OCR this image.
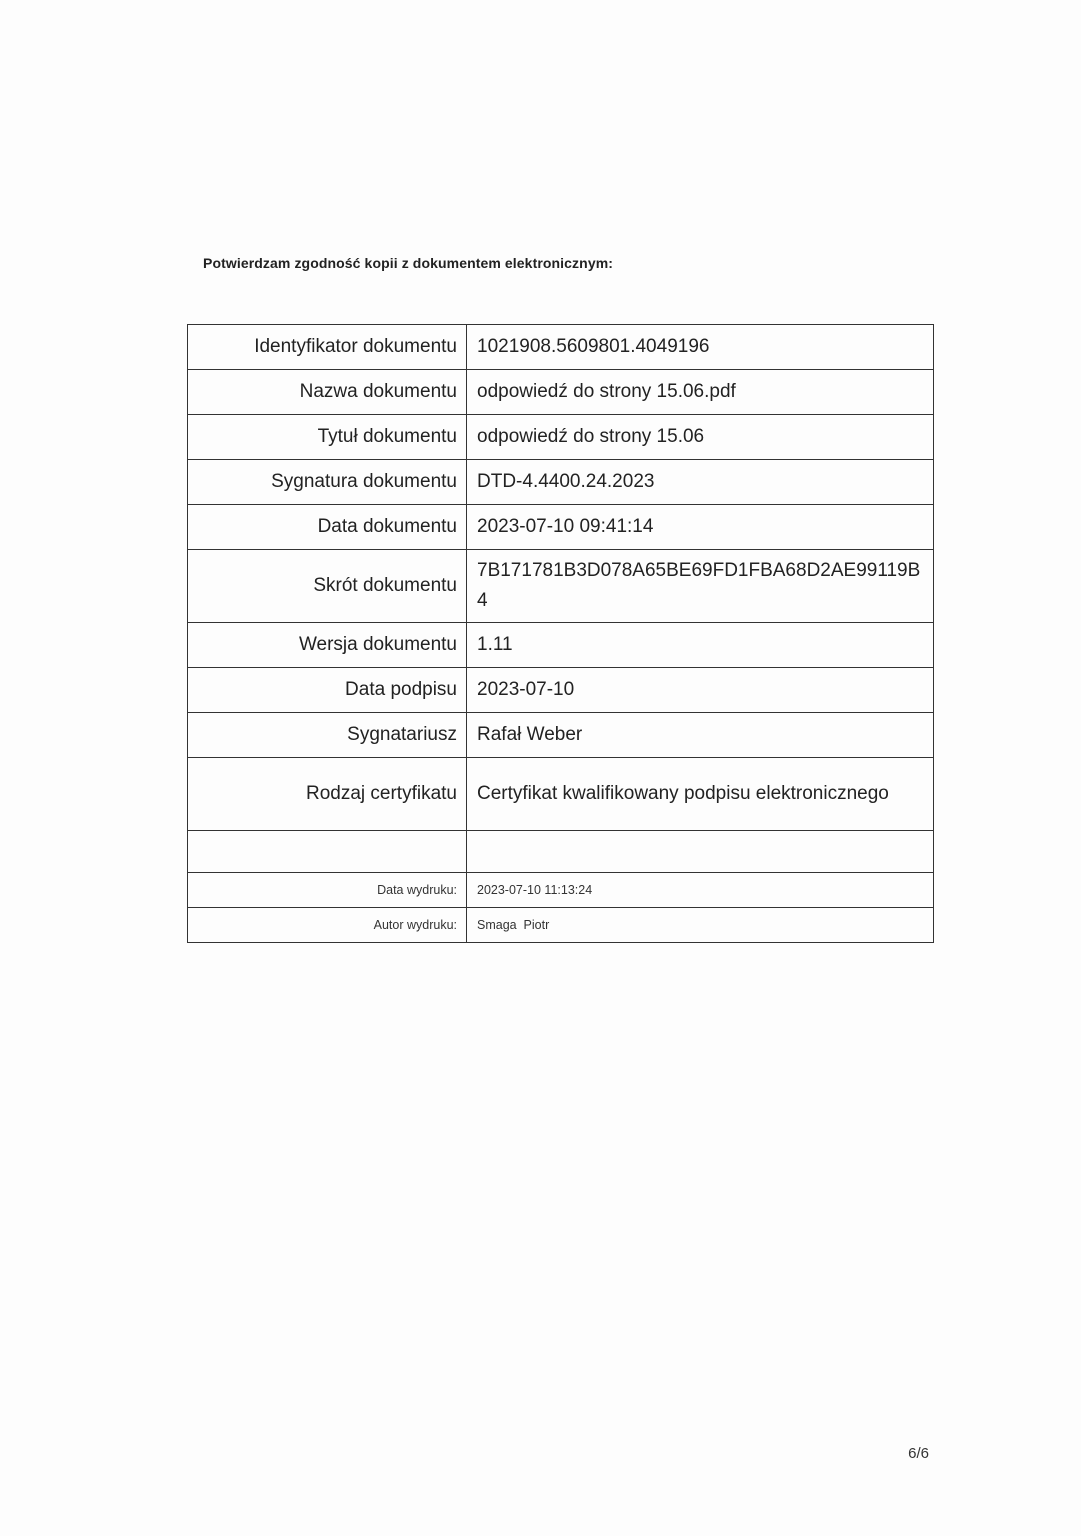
Potwierdzam zgodność kopii z dokumentem elektronicznym:
Identyfikator dokumentu	1021908.5609801.4049196
Nazwa dokumentu	odpowiedź do strony 15.06.pdf
Tytuł dokumentu	odpowiedź do strony 15.06
Sygnatura dokumentu	DTD-4.4400.24.2023
Data dokumentu	2023-07-10 09:41:14
Skrót dokumentu	7B171781B3D078A65BE69FD1FBA68D2AE99119B4

Wersja dokumentu	1.11
Data podpisu	2023-07-10
Sygnatariusz	Rafał Weber
Rodzaj certyfikatu	Certyfikat kwalifikowany podpisu elektronicznego

Data wydruku:	2023-07-10 11:13:24
Autor wydruku:	Smaga  Piotr
6/6
